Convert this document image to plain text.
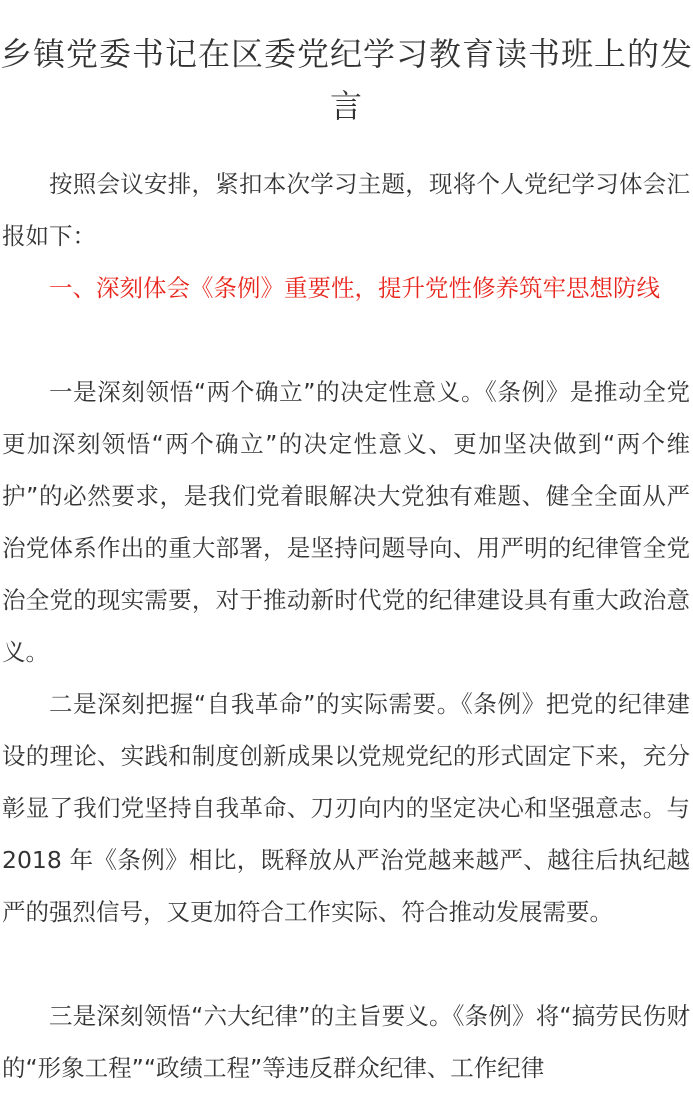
乡镇党委书记在区委党纪学习教育读书班上的发言

按照会议安排，紧扣本次学习主题，现将个人党纪学习体会汇报如下：

一、深刻体会《条例》重要性，提升党性修养筑牢思想防线

一是深刻领悟“两个确立”的决定性意义。《条例》是推动全党更加深刻领悟“两个确立”的决定性意义、更加坚决做到“两个维护”的必然要求，是我们党着眼解决大党独有难题、健全全面从严治党体系作出的重大部署，是坚持问题导向、用严明的纪律管全党治全党的现实需要，对于推动新时代党的纪律建设具有重大政治意义。

二是深刻把握“自我革命”的实际需要。《条例》把党的纪律建设的理论、实践和制度创新成果以党规党纪的形式固定下来，充分彰显了我们党坚持自我革命、刀刃向内的坚定决心和坚强意志。与 2018 年《条例》相比，既释放从严治党越来越严、越往后执纪越严的强烈信号，又更加符合工作实际、符合推动发展需要。

三是深刻领悟“六大纪律”的主旨要义。《条例》将“搞劳民伤财的“形象工程”“政绩工程”等违反群众纪律、工作纪律
